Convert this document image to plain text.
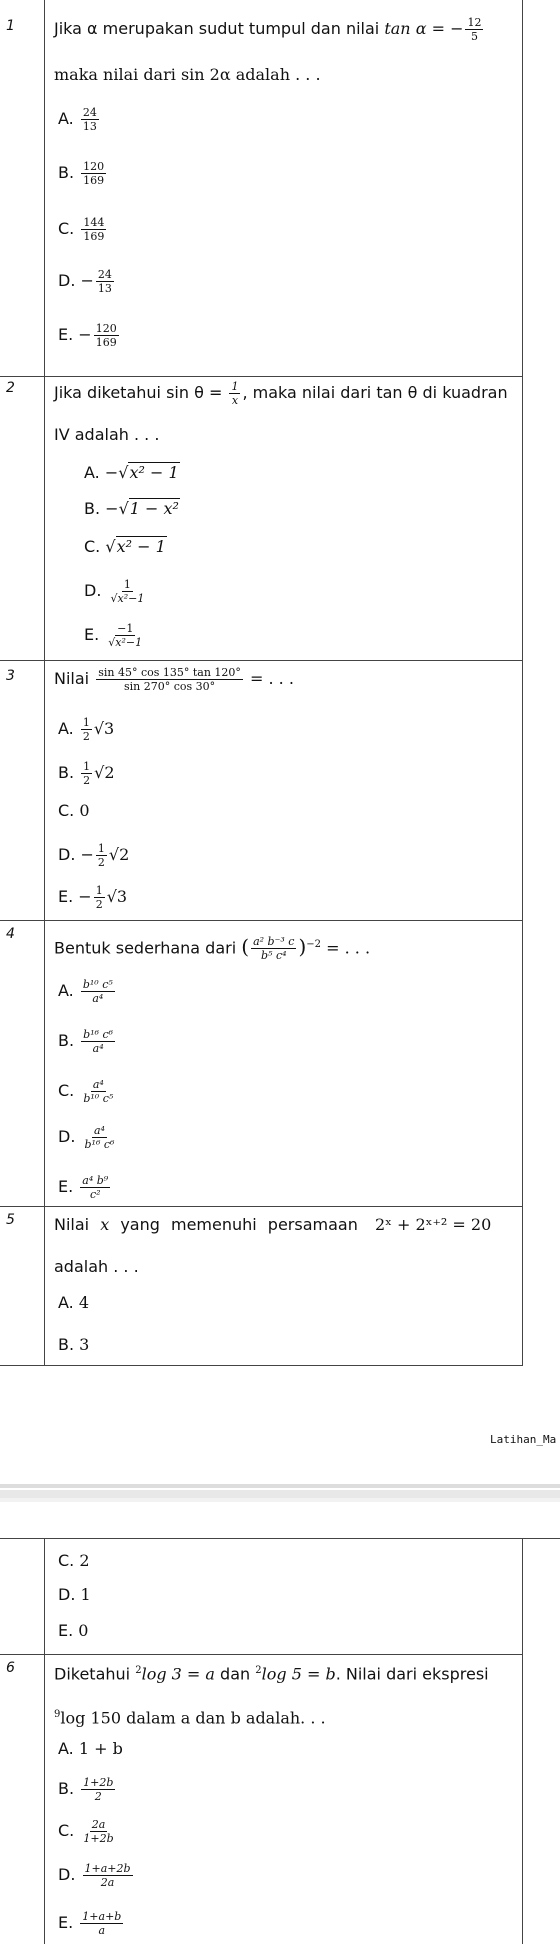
1 Jika α merupakan sudut tumpul dan nilai tan α = − $\frac{12}{5}$
maka nilai dari sin 2α adalah . . .
2 Jika diketahui $\sin \theta = \frac{1}{x}$ , maka nilai dari tan θ di kuadran
IV adalah . . .
A. −√x² − 1
B. −√1 − x²
C. √x² − 1
D. $\frac{1}{\text{√x²−1}}$
E. $\frac{-1}{\text{√x²−1}}$
3 Nilai $\frac{\sin 45^\circ \cos 135^\circ \tan 120^\circ}{\sin 270^\circ \cos 30^\circ}$ = . . .
4
Bentuk sederhana dari ( $\frac{\text{a² b⁻³ c}}{\text{b⁵ c⁴}} )^{-2}$ = . . .
5 Nilai x yang memenuhi persamaan 2ˣ + 2ˣ⁺² = 20
adalah . . .
Latihan_Ma
6 Diketahui $^2$log 3 = a dan $^2$log 5 = b. Nilai dari ekspresi
$^9$log 150 dalam a dan b adalah. . .
A. 1 + b
A. $\frac{24}{13}$
B. $\frac{120}{169}$
C. $\frac{144}{169}$
D. − $\frac{24}{13}$
E. − $\frac{120}{169}$
A. $\frac{1}{2} √3$
B. $\frac{1}{2} √2$
C. 0
D. − $\frac{1}{2} √2$
E. − $\frac{1}{2} √3$
A. $\frac{\text{b¹⁰ c⁵}}{\text{a⁴}}$
B. $\frac{\text{b¹⁶ c⁶}}{\text{a⁴}}$
C. $\frac{\text{a⁴}}{\text{b¹⁰ c⁵}}$
D. $\frac{\text{a⁴}}{\text{b¹⁶ c⁶}}$
E. $\frac{\text{a⁴ b⁹}}{\text{c²}}$
A. 4
B. 3
C. 2
D. 1
E. 0
B. $\frac{1+2b}{2}$
C. $\frac{2a}{1+2b}$
D. $\frac{1+a+2b}{2a}$
E. $\frac{1+a+b}{a}$
